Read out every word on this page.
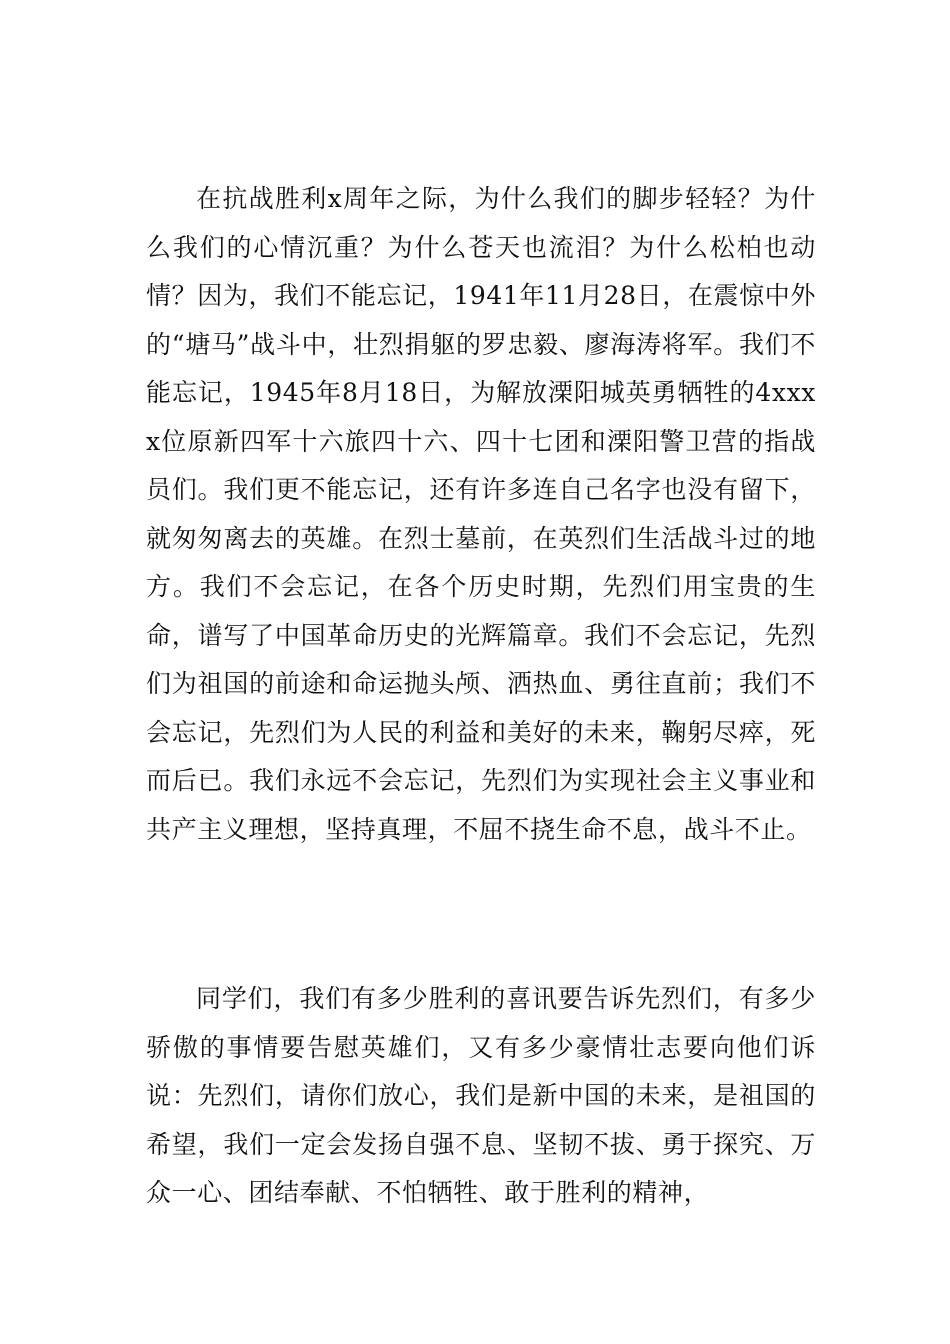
在抗战胜利x周年之际，为什么我们的脚步轻轻？为什么我们的心情沉重？为什么苍天也流泪？为什么松柏也动情？因为，我们不能忘记，1941年11月28日，在震惊中外的“塘马”战斗中，壮烈捐躯的罗忠毅、廖海涛将军。我们不能忘记，1945年8月18日，为解放溧阳城英勇牺牲的4xxxx位原新四军十六旅四十六、四十七团和溧阳警卫营的指战员们。我们更不能忘记，还有许多连自己名字也没有留下，就匆匆离去的英雄。在烈士墓前，在英烈们生活战斗过的地方。我们不会忘记，在各个历史时期，先烈们用宝贵的生命，谱写了中国革命历史的光辉篇章。我们不会忘记，先烈们为祖国的前途和命运抛头颅、洒热血、勇往直前；我们不会忘记，先烈们为人民的利益和美好的未来，鞠躬尽瘁，死而后已。我们永远不会忘记，先烈们为实现社会主义事业和共产主义理想，坚持真理，不屈不挠生命不息，战斗不止。

同学们，我们有多少胜利的喜讯要告诉先烈们，有多少骄傲的事情要告慰英雄们，又有多少豪情壮志要向他们诉说：先烈们，请你们放心，我们是新中国的未来，是祖国的希望，我们一定会发扬自强不息、坚韧不拔、勇于探究、万众一心、团结奉献、不怕牺牲、敢于胜利的精神，
